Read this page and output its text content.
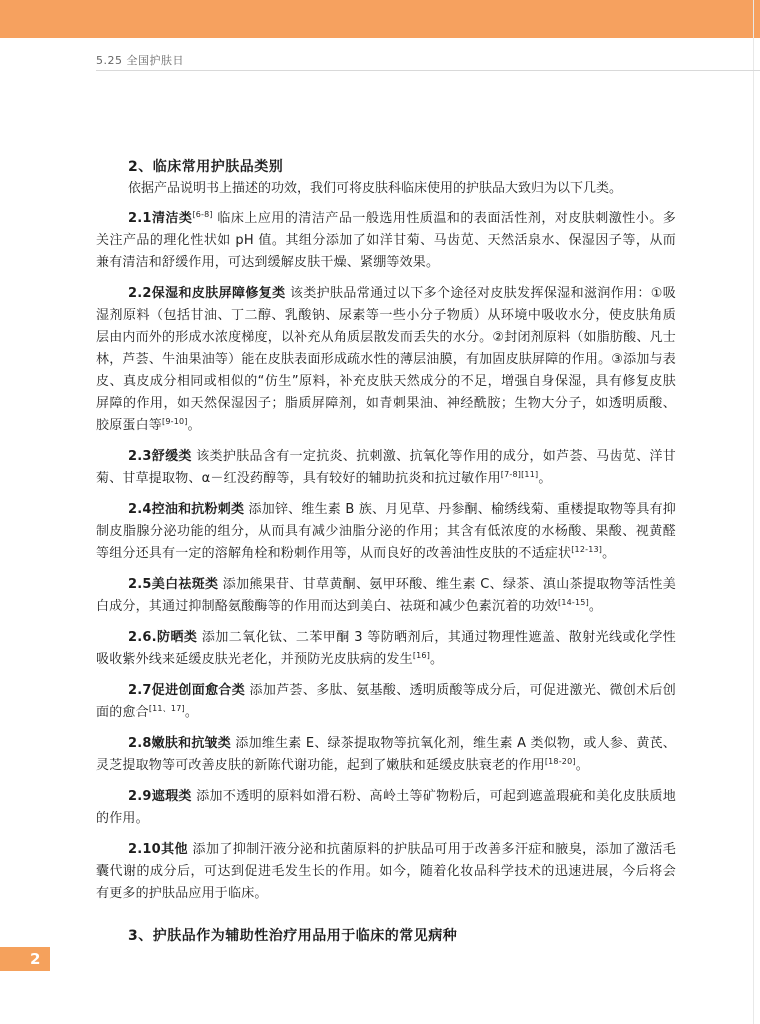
5.25 全国护肤日
2、临床常用护肤品类别
依据产品说明书上描述的功效，我们可将皮肤科临床使用的护肤品大致归为以下几类。

2.1清洁类[6-8] 临床上应用的清洁产品一般选用性质温和的表面活性剂，对皮肤刺激性小。多关注产品的理化性状如 pH 值。其组分添加了如洋甘菊、马齿苋、天然活泉水、保湿因子等，从而兼有清洁和舒缓作用，可达到缓解皮肤干燥、紧绷等效果。

2.2保湿和皮肤屏障修复类 该类护肤品常通过以下多个途径对皮肤发挥保湿和滋润作用：①吸湿剂原料（包括甘油、丁二醇、乳酸钠、尿素等一些小分子物质）从环境中吸收水分，使皮肤角质层由内而外的形成水浓度梯度，以补充从角质层散发而丢失的水分。②封闭剂原料（如脂肪酸、凡士林，芦荟、牛油果油等）能在皮肤表面形成疏水性的薄层油膜，有加固皮肤屏障的作用。③添加与表皮、真皮成分相同或相似的“仿生”原料，补充皮肤天然成分的不足，增强自身保湿，具有修复皮肤屏障的作用，如天然保湿因子；脂质屏障剂，如青刺果油、神经酰胺；生物大分子，如透明质酸、胶原蛋白等[9-10]。

2.3舒缓类 该类护肤品含有一定抗炎、抗刺激、抗氧化等作用的成分，如芦荟、马齿苋、洋甘菊、甘草提取物、α－红没药醇等，具有较好的辅助抗炎和抗过敏作用[7-8][11]。

2.4控油和抗粉刺类 添加锌、维生素 B 族、月见草、丹参酮、榆绣线菊、重楼提取物等具有抑制皮脂腺分泌功能的组分，从而具有减少油脂分泌的作用；其含有低浓度的水杨酸、果酸、视黄醛等组分还具有一定的溶解角栓和粉刺作用等，从而良好的改善油性皮肤的不适症状[12-13]。

2.5美白祛斑类 添加熊果苷、甘草黄酮、氨甲环酸、维生素 C、绿茶、滇山茶提取物等活性美白成分，其通过抑制酪氨酸酶等的作用而达到美白、祛斑和减少色素沉着的功效[14-15]。

2.6.防晒类 添加二氧化钛、二苯甲酮 3 等防晒剂后，其通过物理性遮盖、散射光线或化学性吸收紫外线来延缓皮肤光老化，并预防光皮肤病的发生[16]。

2.7促进创面愈合类 添加芦荟、多肽、氨基酸、透明质酸等成分后，可促进激光、微创术后创面的愈合[11、17]。

2.8嫩肤和抗皱类 添加维生素 E、绿茶提取物等抗氧化剂，维生素 A 类似物，或人参、黄芪、灵芝提取物等可改善皮肤的新陈代谢功能，起到了嫩肤和延缓皮肤衰老的作用[18-20]。

2.9遮瑕类 添加不透明的原料如滑石粉、高岭土等矿物粉后，可起到遮盖瑕疵和美化皮肤质地的作用。

2.10其他 添加了抑制汗液分泌和抗菌原料的护肤品可用于改善多汗症和腋臭，添加了激活毛囊代谢的成分后，可达到促进毛发生长的作用。如今，随着化妆品科学技术的迅速进展，今后将会有更多的护肤品应用于临床。

3、护肤品作为辅助性治疗用品用于临床的常见病种
2
